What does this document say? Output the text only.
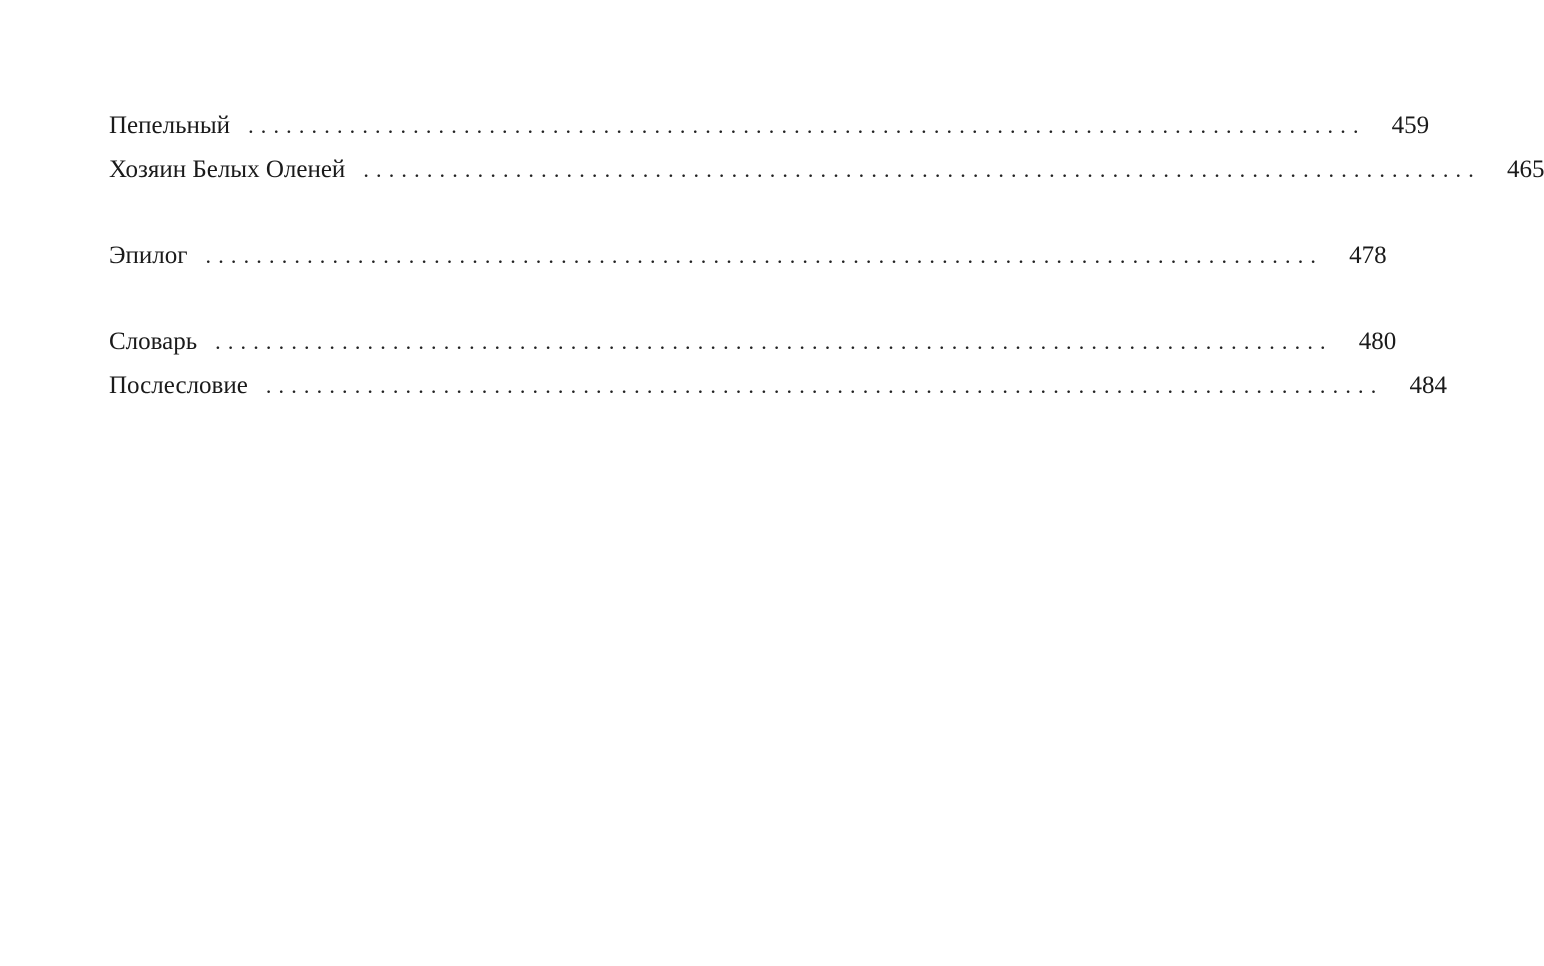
Пепельный ........................................................................................ 459
Хозяин Белых Оленей ........................................................................................ 465
Эпилог ........................................................................................ 478
Словарь ........................................................................................ 480
Послесловие ........................................................................................ 484
